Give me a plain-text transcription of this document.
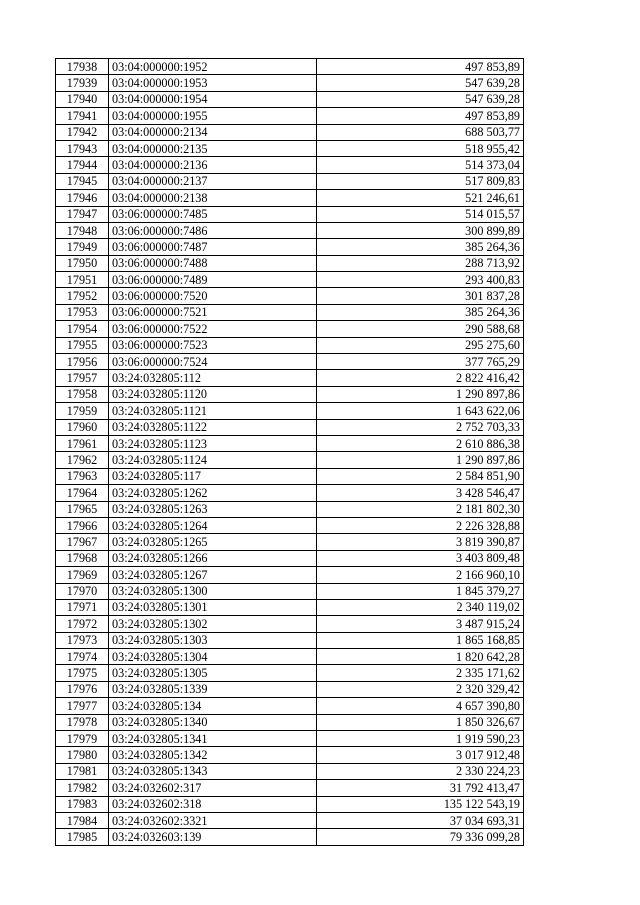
17938	03:04:000000:1952	497 853,89
17939	03:04:000000:1953	547 639,28
17940	03:04:000000:1954	547 639,28
17941	03:04:000000:1955	497 853,89
17942	03:04:000000:2134	688 503,77
17943	03:04:000000:2135	518 955,42
17944	03:04:000000:2136	514 373,04
17945	03:04:000000:2137	517 809,83
17946	03:04:000000:2138	521 246,61
17947	03:06:000000:7485	514 015,57
17948	03:06:000000:7486	300 899,89
17949	03:06:000000:7487	385 264,36
17950	03:06:000000:7488	288 713,92
17951	03:06:000000:7489	293 400,83
17952	03:06:000000:7520	301 837,28
17953	03:06:000000:7521	385 264,36
17954	03:06:000000:7522	290 588,68
17955	03:06:000000:7523	295 275,60
17956	03:06:000000:7524	377 765,29
17957	03:24:032805:112	2 822 416,42
17958	03:24:032805:1120	1 290 897,86
17959	03:24:032805:1121	1 643 622,06
17960	03:24:032805:1122	2 752 703,33
17961	03:24:032805:1123	2 610 886,38
17962	03:24:032805:1124	1 290 897,86
17963	03:24:032805:117	2 584 851,90
17964	03:24:032805:1262	3 428 546,47
17965	03:24:032805:1263	2 181 802,30
17966	03:24:032805:1264	2 226 328,88
17967	03:24:032805:1265	3 819 390,87
17968	03:24:032805:1266	3 403 809,48
17969	03:24:032805:1267	2 166 960,10
17970	03:24:032805:1300	1 845 379,27
17971	03:24:032805:1301	2 340 119,02
17972	03:24:032805:1302	3 487 915,24
17973	03:24:032805:1303	1 865 168,85
17974	03:24:032805:1304	1 820 642,28
17975	03:24:032805:1305	2 335 171,62
17976	03:24:032805:1339	2 320 329,42
17977	03:24:032805:134	4 657 390,80
17978	03:24:032805:1340	1 850 326,67
17979	03:24:032805:1341	1 919 590,23
17980	03:24:032805:1342	3 017 912,48
17981	03:24:032805:1343	2 330 224,23
17982	03:24:032602:317	31 792 413,47
17983	03:24:032602:318	135 122 543,19
17984	03:24:032602:3321	37 034 693,31
17985	03:24:032603:139	79 336 099,28
